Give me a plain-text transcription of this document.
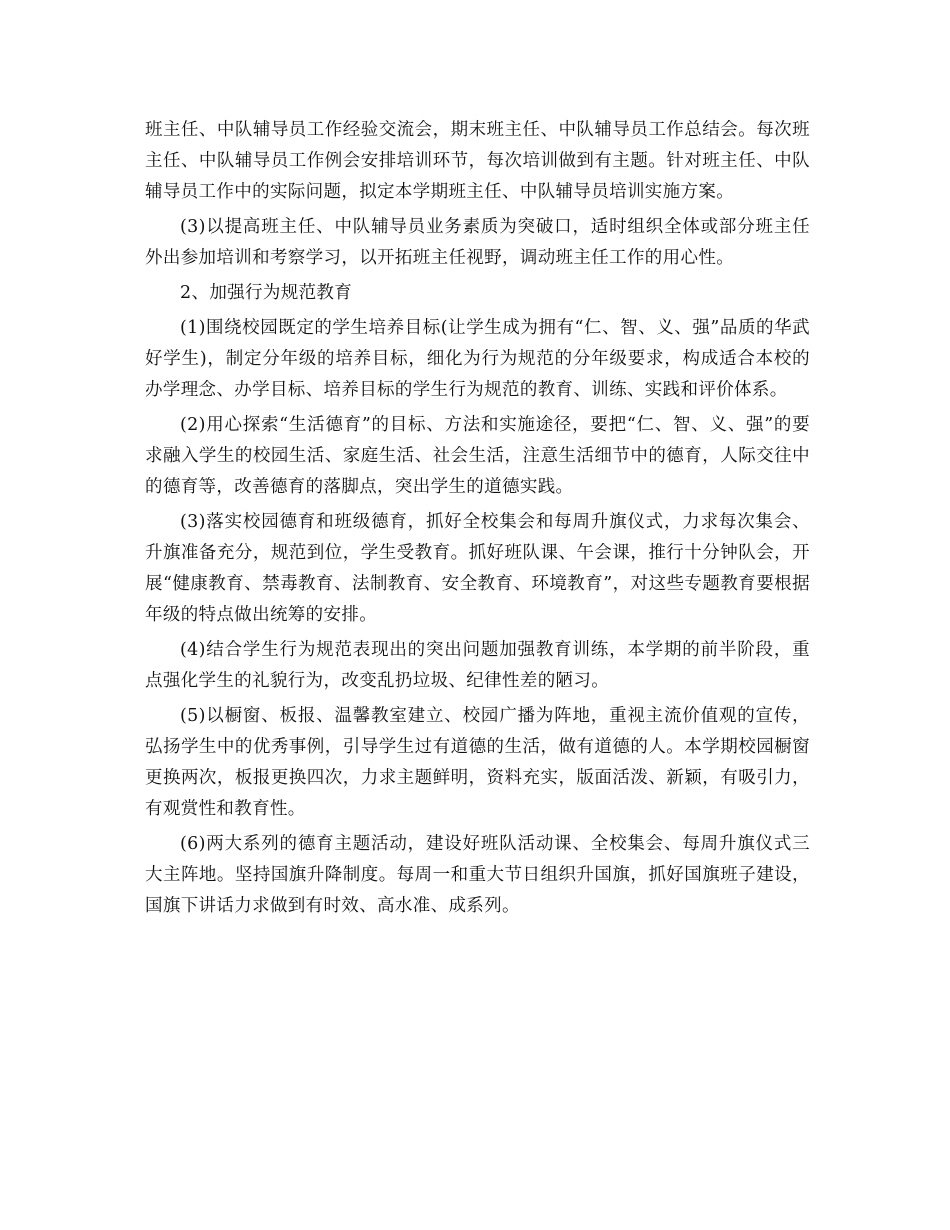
班主任、中队辅导员工作经验交流会，期末班主任、中队辅导员工作总结会。每次班主任、中队辅导员工作例会安排培训环节，每次培训做到有主题。针对班主任、中队辅导员工作中的实际问题，拟定本学期班主任、中队辅导员培训实施方案。

(3)以提高班主任、中队辅导员业务素质为突破口，适时组织全体或部分班主任外出参加培训和考察学习，以开拓班主任视野，调动班主任工作的用心性。

2、加强行为规范教育

(1)围绕校园既定的学生培养目标(让学生成为拥有“仁、智、义、强”品质的华武好学生)，制定分年级的培养目标，细化为行为规范的分年级要求，构成适合本校的办学理念、办学目标、培养目标的学生行为规范的教育、训练、实践和评价体系。

(2)用心探索“生活德育”的目标、方法和实施途径，要把“仁、智、义、强”的要求融入学生的校园生活、家庭生活、社会生活，注意生活细节中的德育，人际交往中的德育等，改善德育的落脚点，突出学生的道德实践。

(3)落实校园德育和班级德育，抓好全校集会和每周升旗仪式，力求每次集会、升旗准备充分，规范到位，学生受教育。抓好班队课、午会课，推行十分钟队会，开展“健康教育、禁毒教育、法制教育、安全教育、环境教育”，对这些专题教育要根据年级的特点做出统筹的安排。

(4)结合学生行为规范表现出的突出问题加强教育训练，本学期的前半阶段，重点强化学生的礼貌行为，改变乱扔垃圾、纪律性差的陋习。

(5)以橱窗、板报、温馨教室建立、校园广播为阵地，重视主流价值观的宣传，弘扬学生中的优秀事例，引导学生过有道德的生活，做有道德的人。本学期校园橱窗更换两次，板报更换四次，力求主题鲜明，资料充实，版面活泼、新颖，有吸引力，有观赏性和教育性。

(6)两大系列的德育主题活动，建设好班队活动课、全校集会、每周升旗仪式三大主阵地。坚持国旗升降制度。每周一和重大节日组织升国旗，抓好国旗班子建设，国旗下讲话力求做到有时效、高水准、成系列。
